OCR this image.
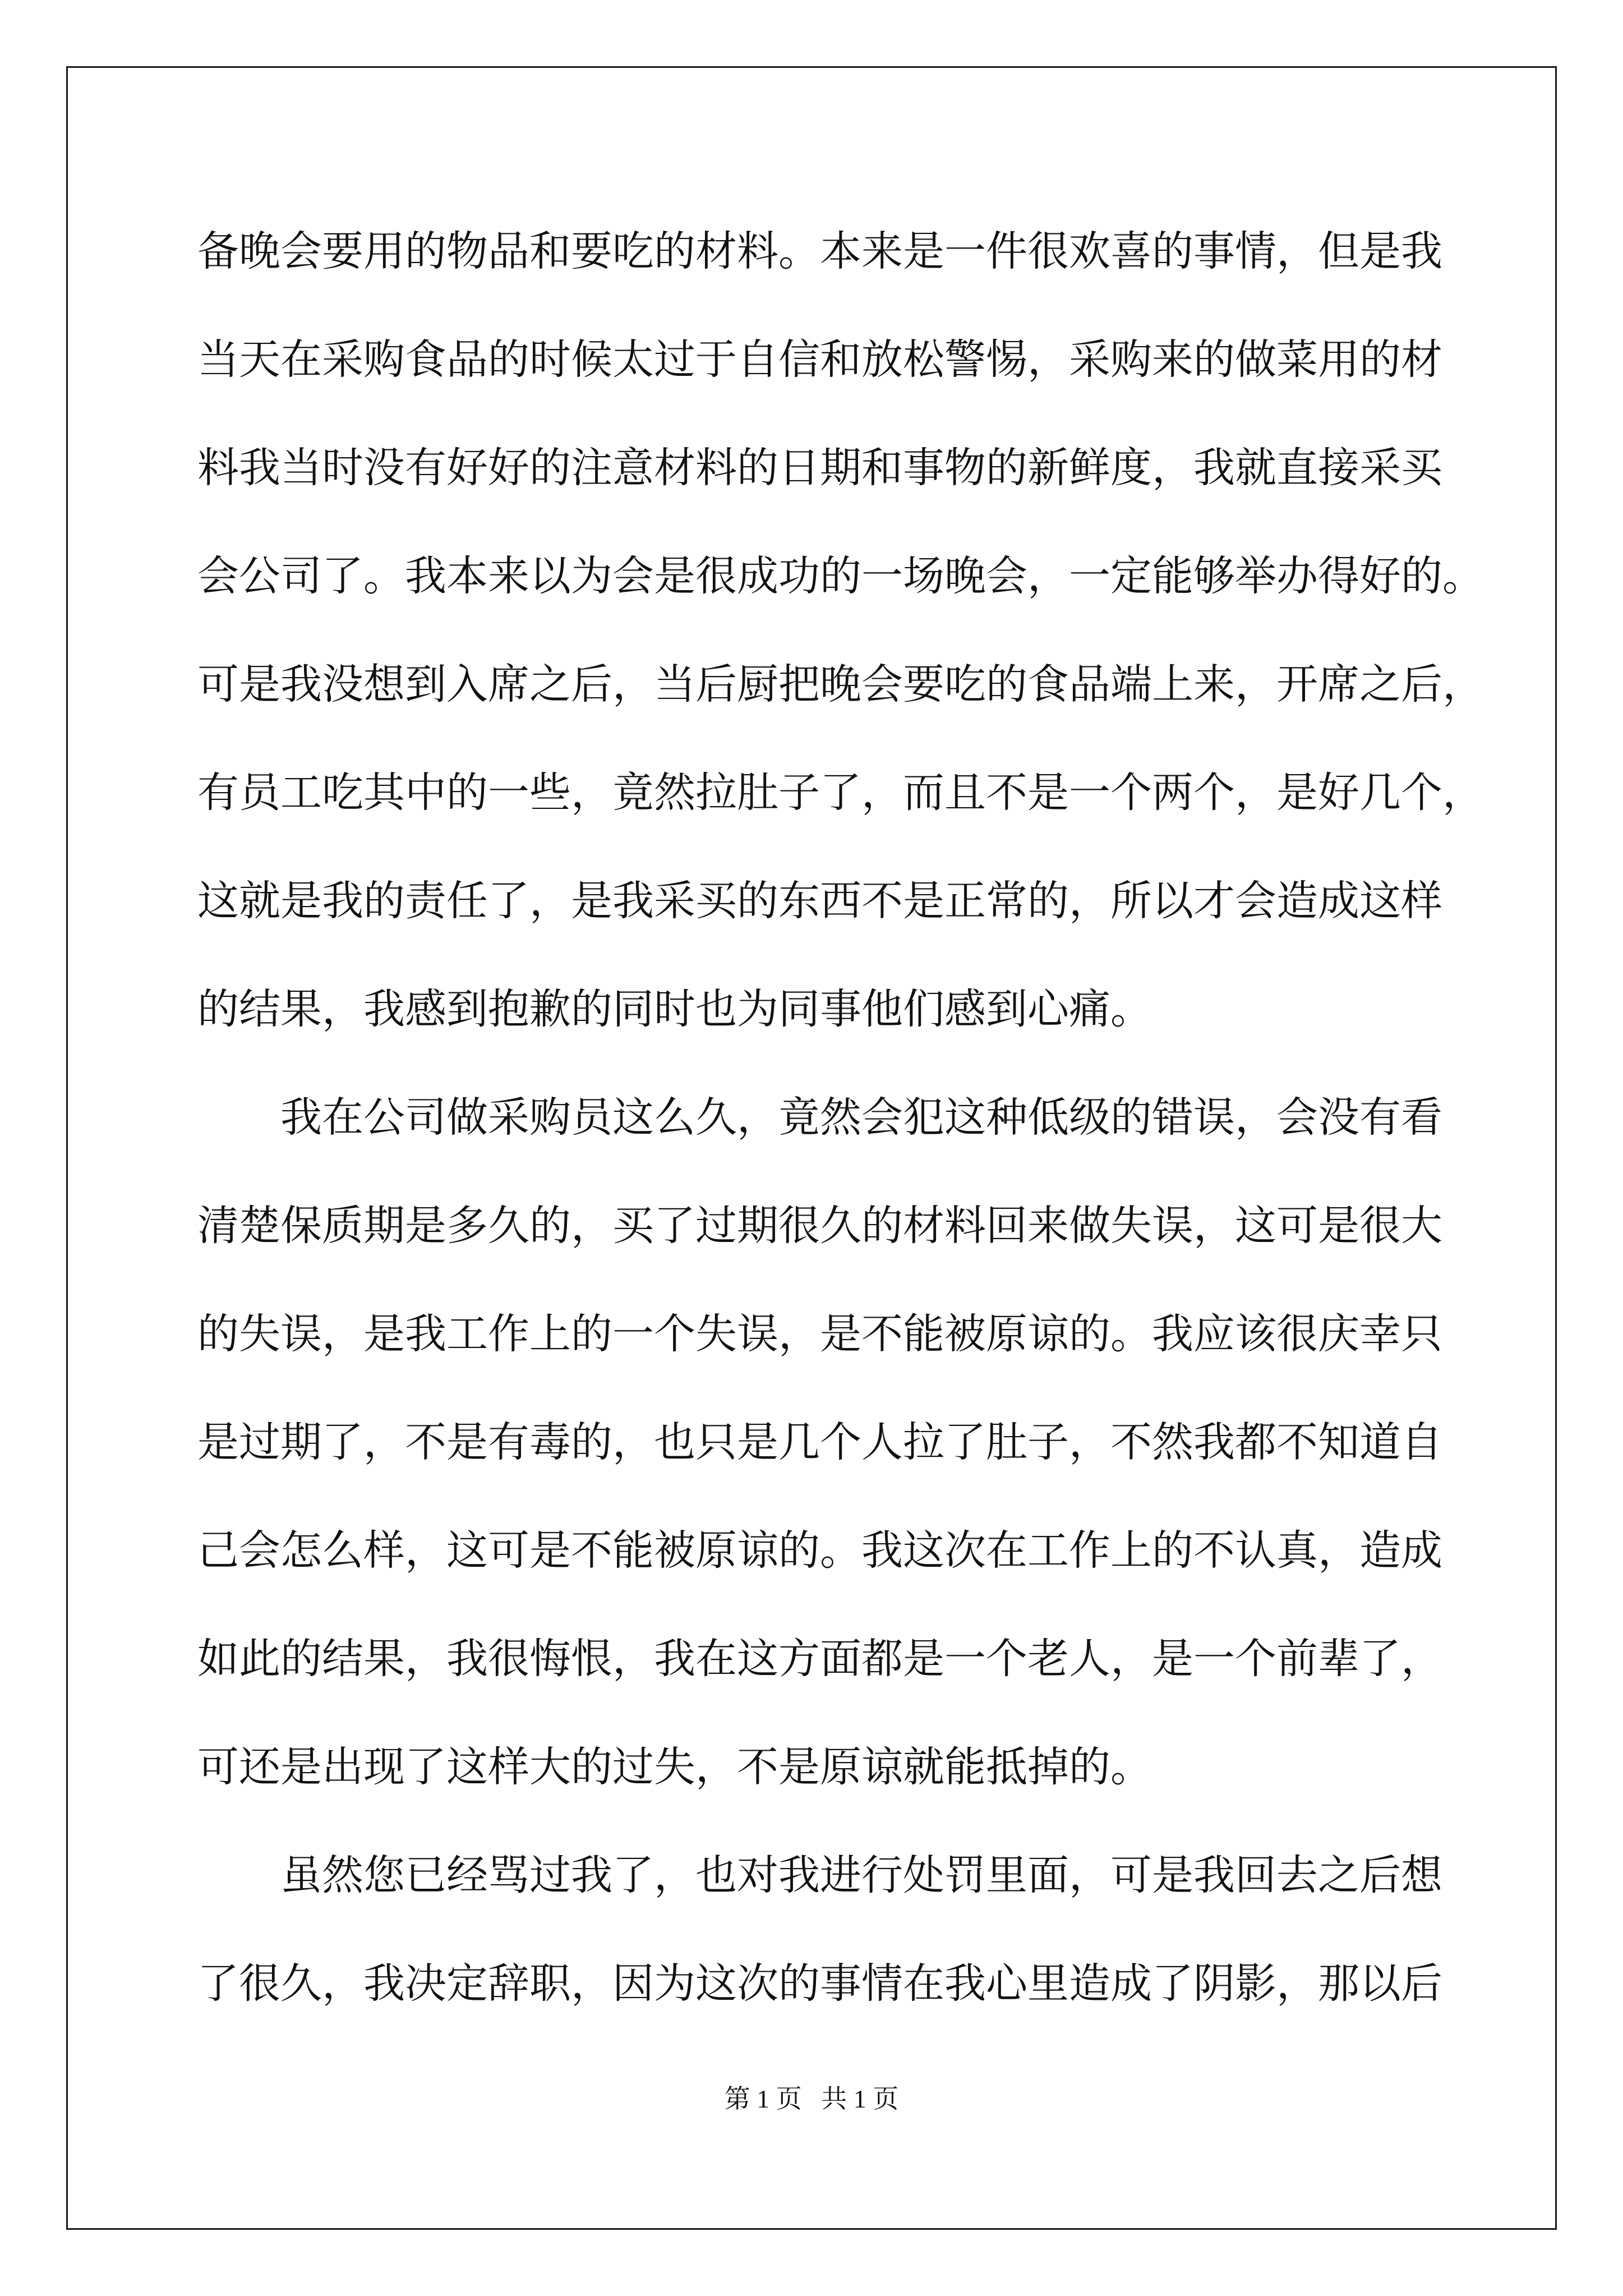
备晚会要用的物品和要吃的材料。本来是一件很欢喜的事情，但是我
当天在采购食品的时候太过于自信和放松警惕，采购来的做菜用的材
料我当时没有好好的注意材料的日期和事物的新鲜度，我就直接采买
会公司了。我本来以为会是很成功的一场晚会，一定能够举办得好的。
可是我没想到入席之后，当后厨把晚会要吃的食品端上来，开席之后，
有员工吃其中的一些，竟然拉肚子了，而且不是一个两个，是好几个，
这就是我的责任了，是我采买的东西不是正常的，所以才会造成这样
的结果，我感到抱歉的同时也为同事他们感到心痛。
我在公司做采购员这么久，竟然会犯这种低级的错误，会没有看
清楚保质期是多久的，买了过期很久的材料回来做失误，这可是很大
的失误，是我工作上的一个失误，是不能被原谅的。我应该很庆幸只
是过期了，不是有毒的，也只是几个人拉了肚子，不然我都不知道自
己会怎么样，这可是不能被原谅的。我这次在工作上的不认真，造成
如此的结果，我很悔恨，我在这方面都是一个老人，是一个前辈了，
可还是出现了这样大的过失，不是原谅就能抵掉的。
虽然您已经骂过我了，也对我进行处罚里面，可是我回去之后想
了很久，我决定辞职，因为这次的事情在我心里造成了阴影，那以后
第 1 页   共 1 页
